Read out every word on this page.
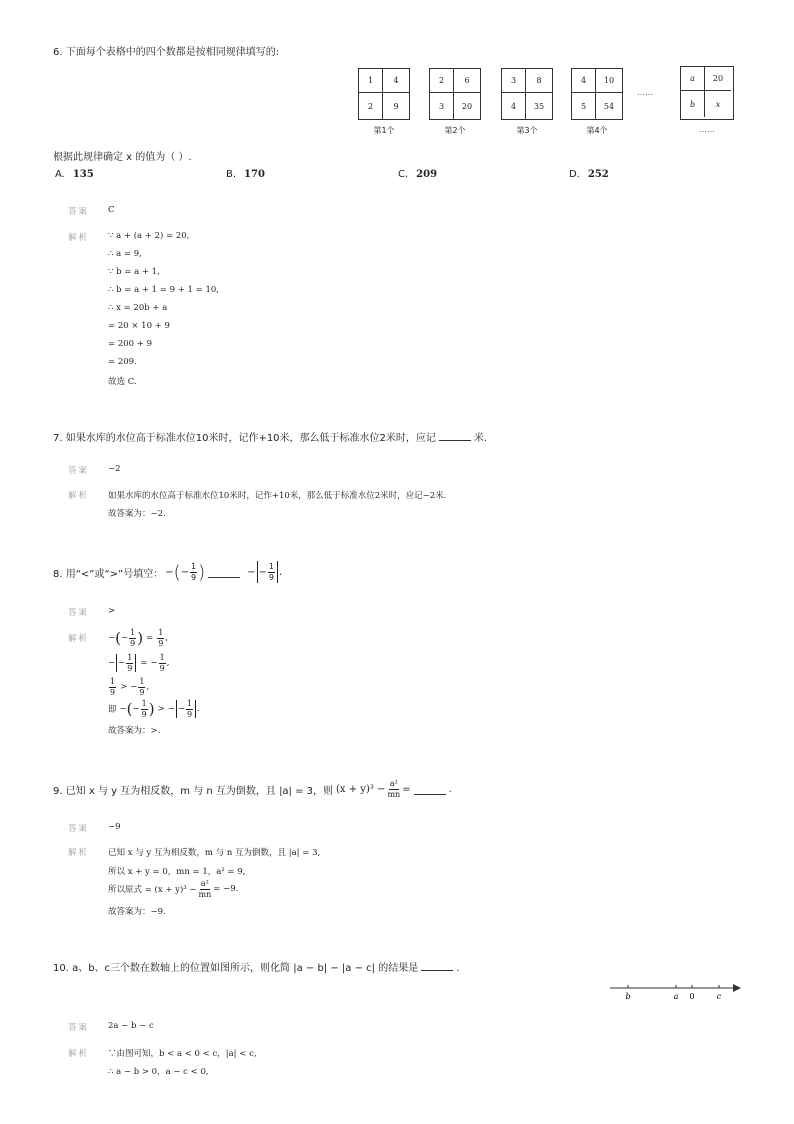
6. 下面每个表格中的四个数都是按相同规律填写的:
1	4
2	9
第1个
2	6
3	20
第2个
3	8
4	35
第3个
4	10
5	54
第4个
……
a	20
b	x
……
根据此规律确定 x 的值为（ ）.
A. 135	B. 170	C. 209	D. 252
答案 C
解析 ∵ a + (a + 2) = 20,
∴ a = 9,
∵ b = a + 1,
∴ b = a + 1 = 9 + 1 = 10,
∴ x = 20b + a
= 20 × 10 + 9
= 200 + 9
= 209.
故选 C.
7. 如果水库的水位高于标准水位10米时，记作+10米，那么低于标准水位2米时，应记	米.
答案 −2
解析 如果水库的水位高于标准水位10米时，记作+10米，那么低于标准水位2米时，应记−2米.
故答案为：−2.
8. 用“<”或“>”号填空： − ( − $\frac{1}{9}$ )	− − $\frac{1}{9}$ .
答案 >
解析 − ( − $\frac{1}{9}$ ) = $\frac{1}{9}$ ,
− − $\frac{1}{9}$ = − $\frac{1}{9}$ ,
$\frac{1}{9}$ > − $\frac{1}{9}$ ,
即 − ( − $\frac{1}{9}$ ) > − − $\frac{1}{9}$ .
故答案为：>.
9. 已知 x 与 y 互为相反数，m 与 n 互为倒数，且 |a| = 3，则 $(x + y)^3 - \frac{\text{a²}}{mn}$ =	.
答案 −9
解析 已知 x 与 y 互为相反数，m 与 n 互为倒数，且 |a| = 3,
所以 x + y = 0，mn = 1，a² = 9,
所以原式 = $(x + y)^3 - \frac{\text{a²}}{mn} = -9$.
故答案为：−9.
10. a、b、c三个数在数轴上的位置如图所示，则化简 |a − b| − |a − c| 的结果是	.
b	a 0	c
答案 2a − b − c
解析 ∵由图可知，b < a < 0 < c，|a| < c,
∴ a − b > 0，a − c < 0,
